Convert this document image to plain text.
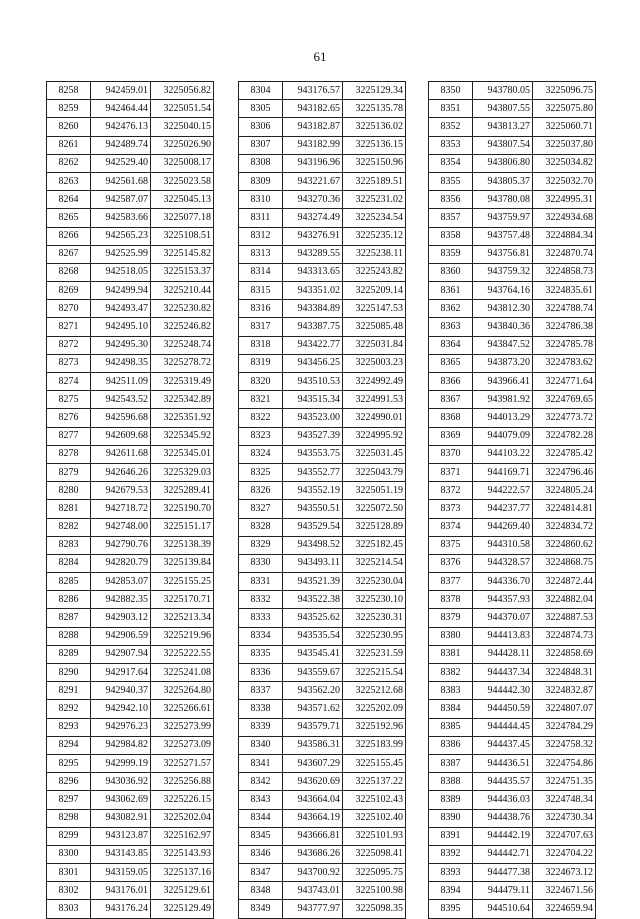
61
8258	942459.01	3225056.82
8259	942464.44	3225051.54
8260	942476.13	3225040.15
8261	942489.74	3225026.90
8262	942529.40	3225008.17
8263	942561.68	3225023.58
8264	942587.07	3225045.13
8265	942583.66	3225077.18
8266	942565.23	3225108.51
8267	942525.99	3225145.82
8268	942518.05	3225153.37
8269	942499.94	3225210.44
8270	942493.47	3225230.82
8271	942495.10	3225246.82
8272	942495.30	3225248.74
8273	942498.35	3225278.72
8274	942511.09	3225319.49
8275	942543.52	3225342.89
8276	942596.68	3225351.92
8277	942609.68	3225345.92
8278	942611.68	3225345.01
8279	942646.26	3225329.03
8280	942679.53	3225289.41
8281	942718.72	3225190.70
8282	942748.00	3225151.17
8283	942790.76	3225138.39
8284	942820.79	3225139.84
8285	942853.07	3225155.25
8286	942882.35	3225170.71
8287	942903.12	3225213.34
8288	942906.59	3225219.96
8289	942907.94	3225222.55
8290	942917.64	3225241.08
8291	942940.37	3225264.80
8292	942942.10	3225266.61
8293	942976.23	3225273.99
8294	942984.82	3225273.09
8295	942999.19	3225271.57
8296	943036.92	3225256.88
8297	943062.69	3225226.15
8298	943082.91	3225202.04
8299	943123.87	3225162.97
8300	943143.85	3225143.93
8301	943159.05	3225137.16
8302	943176.01	3225129.61
8303	943176.24	3225129.49
8304	943176.57	3225129.34
8305	943182.65	3225135.78
8306	943182.87	3225136.02
8307	943182.99	3225136.15
8308	943196.96	3225150.96
8309	943221.67	3225189.51
8310	943270.36	3225231.02
8311	943274.49	3225234.54
8312	943276.91	3225235.12
8313	943289.55	3225238.11
8314	943313.65	3225243.82
8315	943351.02	3225209.14
8316	943384.89	3225147.53
8317	943387.75	3225085.48
8318	943422.77	3225031.84
8319	943456.25	3225003.23
8320	943510.53	3224992.49
8321	943515.34	3224991.53
8322	943523.00	3224990.01
8323	943527.39	3224995.92
8324	943553.75	3225031.45
8325	943552.77	3225043.79
8326	943552.19	3225051.19
8327	943550.51	3225072.50
8328	943529.54	3225128.89
8329	943498.52	3225182.45
8330	943493.11	3225214.54
8331	943521.39	3225230.04
8332	943522.38	3225230.10
8333	943525.62	3225230.31
8334	943535.54	3225230.95
8335	943545.41	3225231.59
8336	943559.67	3225215.54
8337	943562.20	3225212.68
8338	943571.62	3225202.09
8339	943579.71	3225192.96
8340	943586.31	3225183.99
8341	943607.29	3225155.45
8342	943620.69	3225137.22
8343	943664.04	3225102.43
8344	943664.19	3225102.40
8345	943666.81	3225101.93
8346	943686.26	3225098.41
8347	943700.92	3225095.75
8348	943743.01	3225100.98
8349	943777.97	3225098.35
8350	943780.05	3225096.75
8351	943807.55	3225075.80
8352	943813.27	3225060.71
8353	943807.54	3225037.80
8354	943806.80	3225034.82
8355	943805.37	3225032.70
8356	943780.08	3224995.31
8357	943759.97	3224934.68
8358	943757.48	3224884.34
8359	943756.81	3224870.74
8360	943759.32	3224858.73
8361	943764.16	3224835.61
8362	943812.30	3224788.74
8363	943840.36	3224786.38
8364	943847.52	3224785.78
8365	943873.20	3224783.62
8366	943966.41	3224771.64
8367	943981.92	3224769.65
8368	944013.29	3224773.72
8369	944079.09	3224782.28
8370	944103.22	3224785.42
8371	944169.71	3224796.46
8372	944222.57	3224805.24
8373	944237.77	3224814.81
8374	944269.40	3224834.72
8375	944310.58	3224860.62
8376	944328.57	3224868.75
8377	944336.70	3224872.44
8378	944357.93	3224882.04
8379	944370.07	3224887.53
8380	944413.83	3224874.73
8381	944428.11	3224858.69
8382	944437.34	3224848.31
8383	944442.30	3224832.87
8384	944450.59	3224807.07
8385	944444.45	3224784.29
8386	944437.45	3224758.32
8387	944436.51	3224754.86
8388	944435.57	3224751.35
8389	944436.03	3224748.34
8390	944438.76	3224730.34
8391	944442.19	3224707.63
8392	944442.71	3224704.22
8393	944477.38	3224673.12
8394	944479.11	3224671.56
8395	944510.64	3224659.94
